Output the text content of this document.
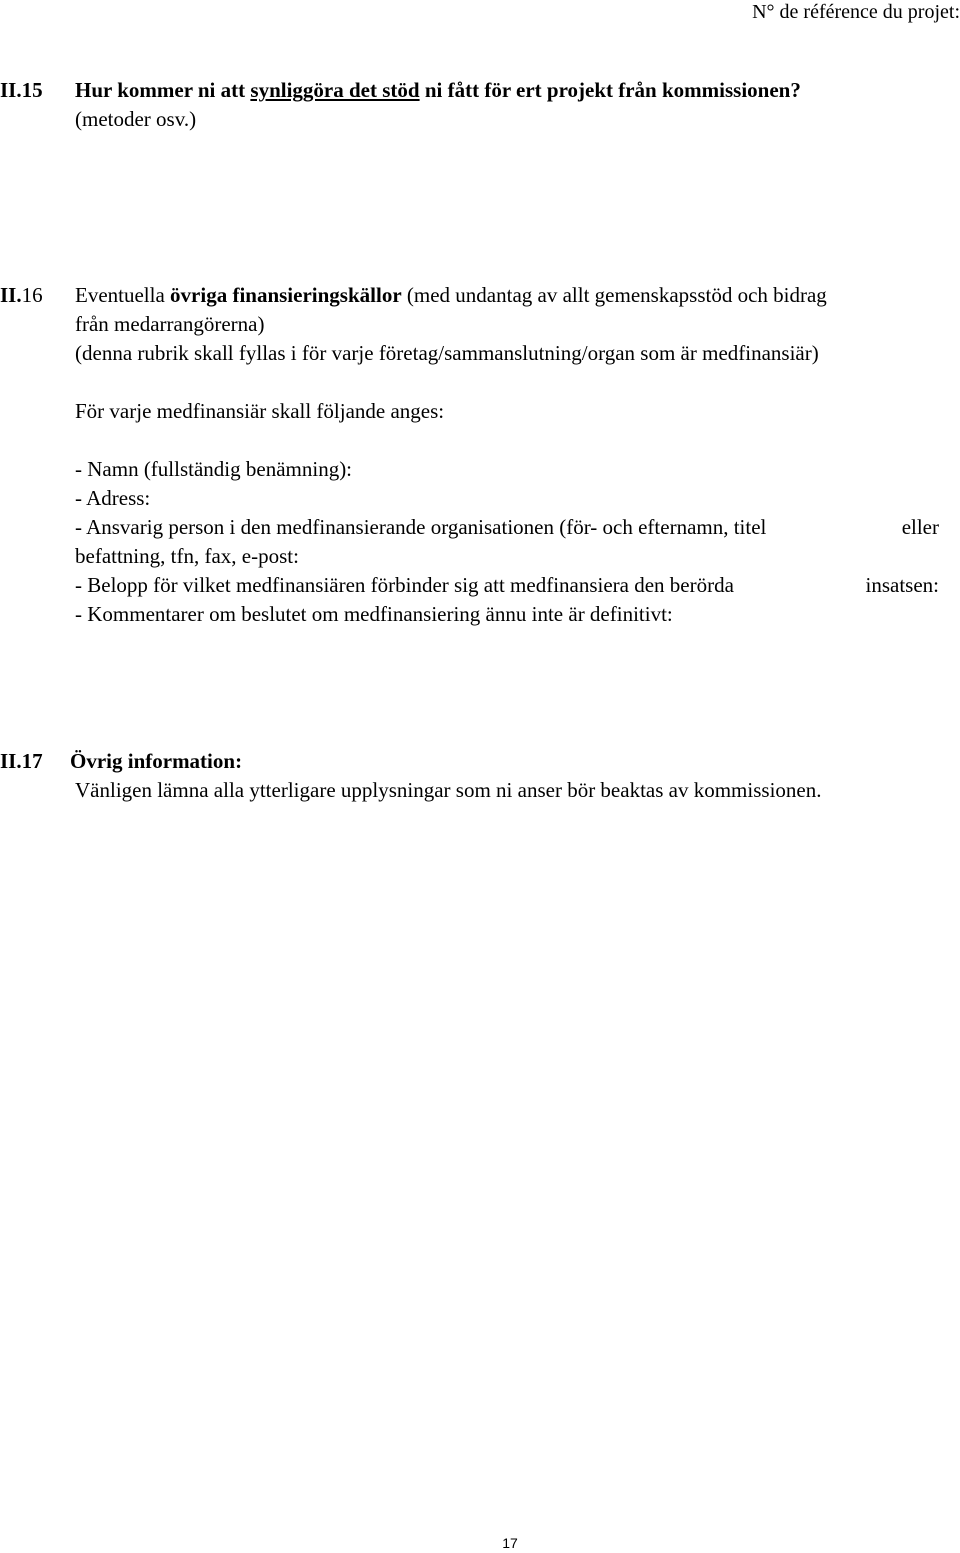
N° de référence du projet:
II.15 Hur kommer ni att synliggöra det stöd ni fått för ert projekt från kommissionen?
(metoder osv.)
II.16 Eventuella övriga finansieringskällor (med undantag av allt gemenskapsstöd och bidrag
från medarrangörerna)
(denna rubrik skall fyllas i för varje företag/sammanslutning/organ som är medfinansiär)
För varje medfinansiär skall följande anges:
- Namn (fullständig benämning):
- Adress:
- Ansvarig person i den medfinansierande organisationen (för- och efternamn, titel	eller
befattning, tfn, fax, e-post:
- Belopp för vilket medfinansiären förbinder sig att medfinansiera den berörda	insatsen:
- Kommentarer om beslutet om medfinansiering ännu inte är definitivt:
II.17 Övrig information:
Vänligen lämna alla ytterligare upplysningar som ni anser bör beaktas av kommissionen.
17
